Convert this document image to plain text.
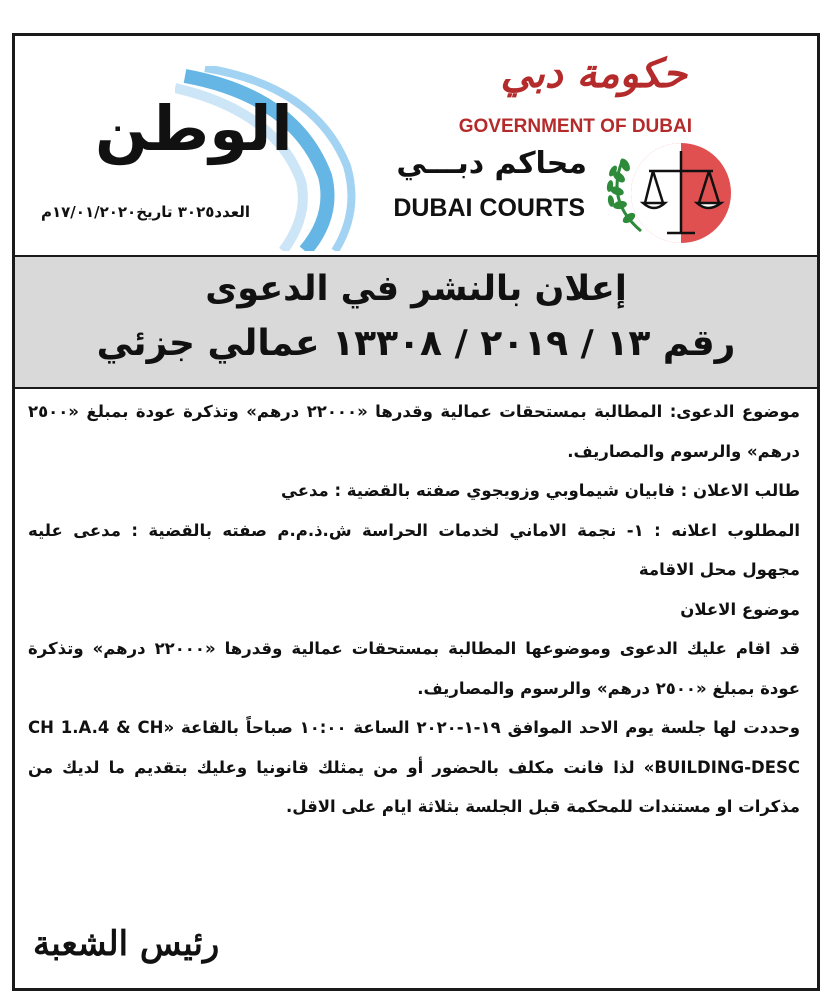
حكومة دبي

GOVERNMENT OF DUBAI

محاكم دبـــي

DUBAI COURTS

الوطن

العدد٣٠٢٥ تاريخ١٧/٠١/٢٠٢٠م

إعلان بالنشر في الدعوى
رقم ١٣ / ٢٠١٩ / ١٣٣٠٨ عمالي جزئي

موضوع الدعوى: المطالبة بمستحقات عمالية وقدرها «٢٢٠٠٠ درهم» وتذكرة عودة بمبلغ «٢٥٠٠ درهم» والرسوم والمصاريف.

طالب الاعلان : فابيان شيماوبي وزويجوي صفته بالقضية : مدعي

المطلوب اعلانه : ١- نجمة الاماني لخدمات الحراسة ش.ذ.م.م صفته بالقضية : مدعى عليه مجهول محل الاقامة

موضوع الاعلان

قد اقام عليك الدعوى وموضوعها المطالبة بمستحقات عمالية وقدرها «٢٢٠٠٠ درهم» وتذكرة عودة بمبلغ «٢٥٠٠ درهم» والرسوم والمصاريف.

وحددت لها جلسة يوم الاحد الموافق ١٩-١-٢٠٢٠ الساعة ١٠:٠٠ صباحاً بالقاعة «CH 1.A.4 & CH BUILDING-DESC» لذا فانت مكلف بالحضور أو من يمثلك قانونيا وعليك بتقديم ما لديك من مذكرات او مستندات للمحكمة قبل الجلسة بثلاثة ايام على الاقل.

رئيس الشعبة
